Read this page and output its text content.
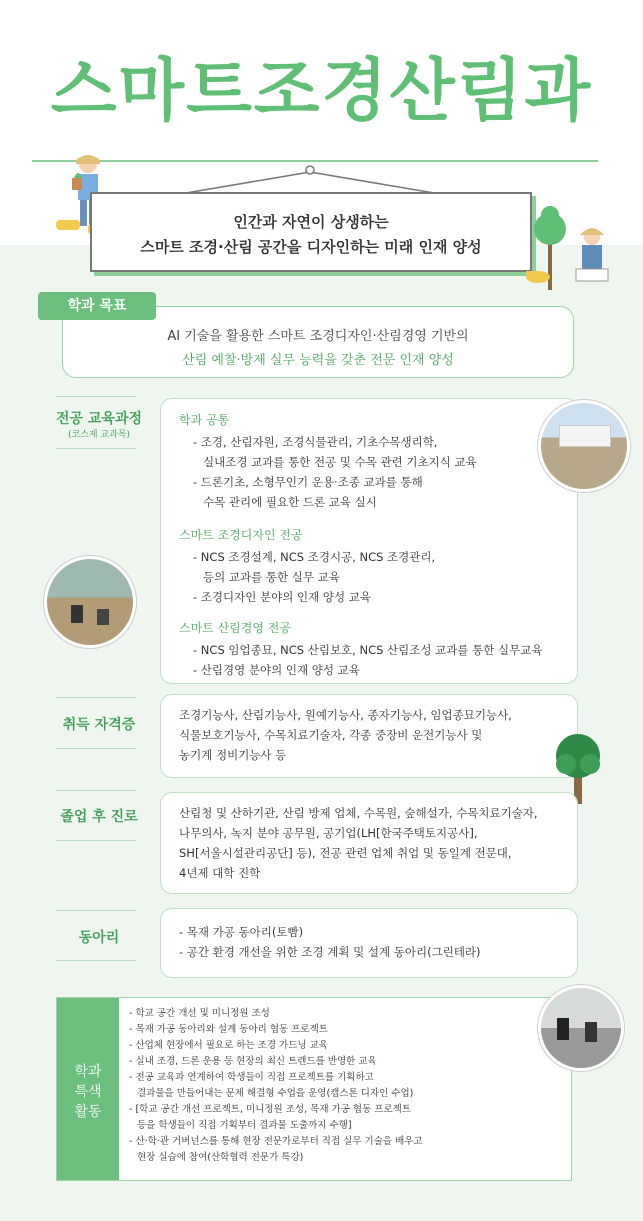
스마트조경산림과
인간과 자연이 상생하는
스마트 조경·산림 공간을 디자인하는 미래 인재 양성
AI 기술을 활용한 스마트 조경디자인·산림경영 기반의
산림 예찰·방제 실무 능력을 갖춘 전문 인재 양성
학과 목표
전공 교육과정
(코스제 교과목)
학과 공통
- 조경, 산림자원, 조경식물관리, 기초수목생리학,
실내조경 교과를 통한 전공 및 수목 관련 기초지식 교육
- 드론기초, 소형무인기 운용·조종 교과를 통해
수목 관리에 필요한 드론 교육 실시
스마트 조경디자인 전공
- NCS 조경설계, NCS 조경시공, NCS 조경관리,
등의 교과를 통한 실무 교육
- 조경디자인 분야의 인재 양성 교육
스마트 산림경영 전공
- NCS 임업종묘, NCS 산림보호, NCS 산림조성 교과를 통한 실무교육
- 산림경영 분야의 인재 양성 교육
취득 자격증
조경기능사, 산림기능사, 원예기능사, 종자기능사, 임업종묘기능사,
식물보호기능사, 수목치료기술자, 각종 중장비 운전기능사 및
농기계 정비기능사 등
졸업 후 진로	산림청 및 산하기관, 산림 방제 업체, 수목원, 숲해설가, 수목치료기술자,
나무의사, 녹지 분야 공무원, 공기업(LH[한국주택토지공사],
SH[서울시설관리공단] 등), 전공 관련 업체 취업 및 동일계 전문대,
4년제 대학 진학
동아리	- 목재 가공 동아리(토빰)
- 공간 환경 개선을 위한 조경 계획 및 설계 동아리(그린테라)
학과
특색
활동
- 학교 공간 개선 및 미니정원 조성
- 목재 가공 동아리와 설계 동아리 협동 프로젝트
- 산업체 현장에서 필요로 하는 조경 가드닝 교육
- 실내 조경, 드론 운용 등 현장의 최신 트렌드를 반영한 교육
- 전공 교육과 연계하여 학생들이 직접 프로젝트를 기획하고
결과물을 만들어내는 문제 해결형 수업을 운영(캡스톤 디자인 수업)
- [학교 공간 개선 프로젝트, 미니정원 조성, 목재 가공 협동 프로젝트
등을 학생들이 직접 기획부터 결과물 도출까지 수행]
- 산·학·관 거버넌스를 통해 현장 전문가로부터 직접 실무 기술을 배우고
현장 실습에 참여(산학협력 전문가 특강)
